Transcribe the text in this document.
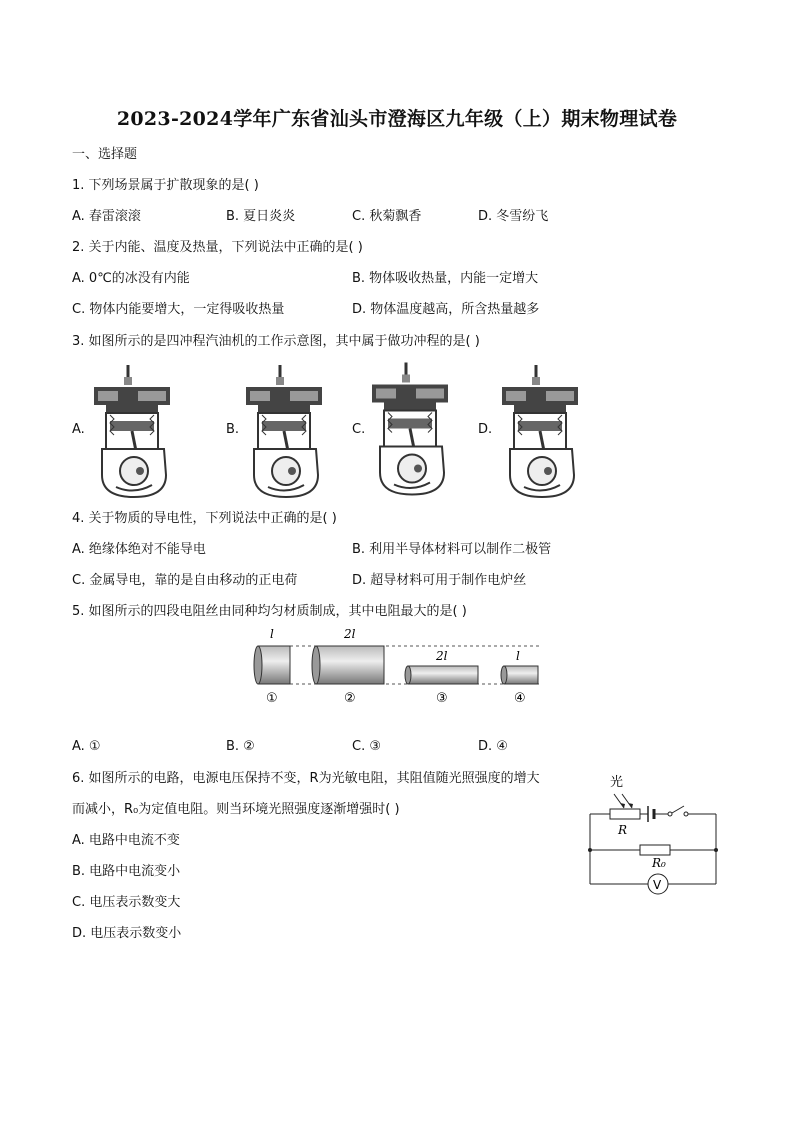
2023-2024学年广东省汕头市澄海区九年级（上）期末物理试卷
一、选择题
1. 下列场景属于扩散现象的是( )
A. 春雷滚滚	B. 夏日炎炎	C. 秋菊飘香	D. 冬雪纷飞
2. 关于内能、温度及热量，下列说法中正确的是( )
A. 0℃的冰没有内能	B. 物体吸收热量，内能一定增大
C. 物体内能要增大，一定得吸收热量	D. 物体温度越高，所含热量越多
3. 如图所示的是四冲程汽油机的工作示意图，其中属于做功冲程的是( )
A.	B.	C.	D.
4. 关于物质的导电性，下列说法中正确的是( )
A. 绝缘体绝对不能导电	B. 利用半导体材料可以制作二极管
C. 金属导电，靠的是自由移动的正电荷	D. 超导材料可用于制作电炉丝
5. 如图所示的四段电阻丝由同种均匀材质制成，其中电阻最大的是( )
l	2l
2l	l
①	②	③	④
A. ①	B. ②	C. ③	D. ④
6. 如图所示的电路，电源电压保持不变，R为光敏电阻，其阻值随光照强度的增大
而减小，R₀为定值电阻。则当环境光照强度逐渐增强时( )
A. 电路中电流不变
B. 电路中电流变小
C. 电压表示数变大
D. 电压表示数变小
光
R
R₀
V
